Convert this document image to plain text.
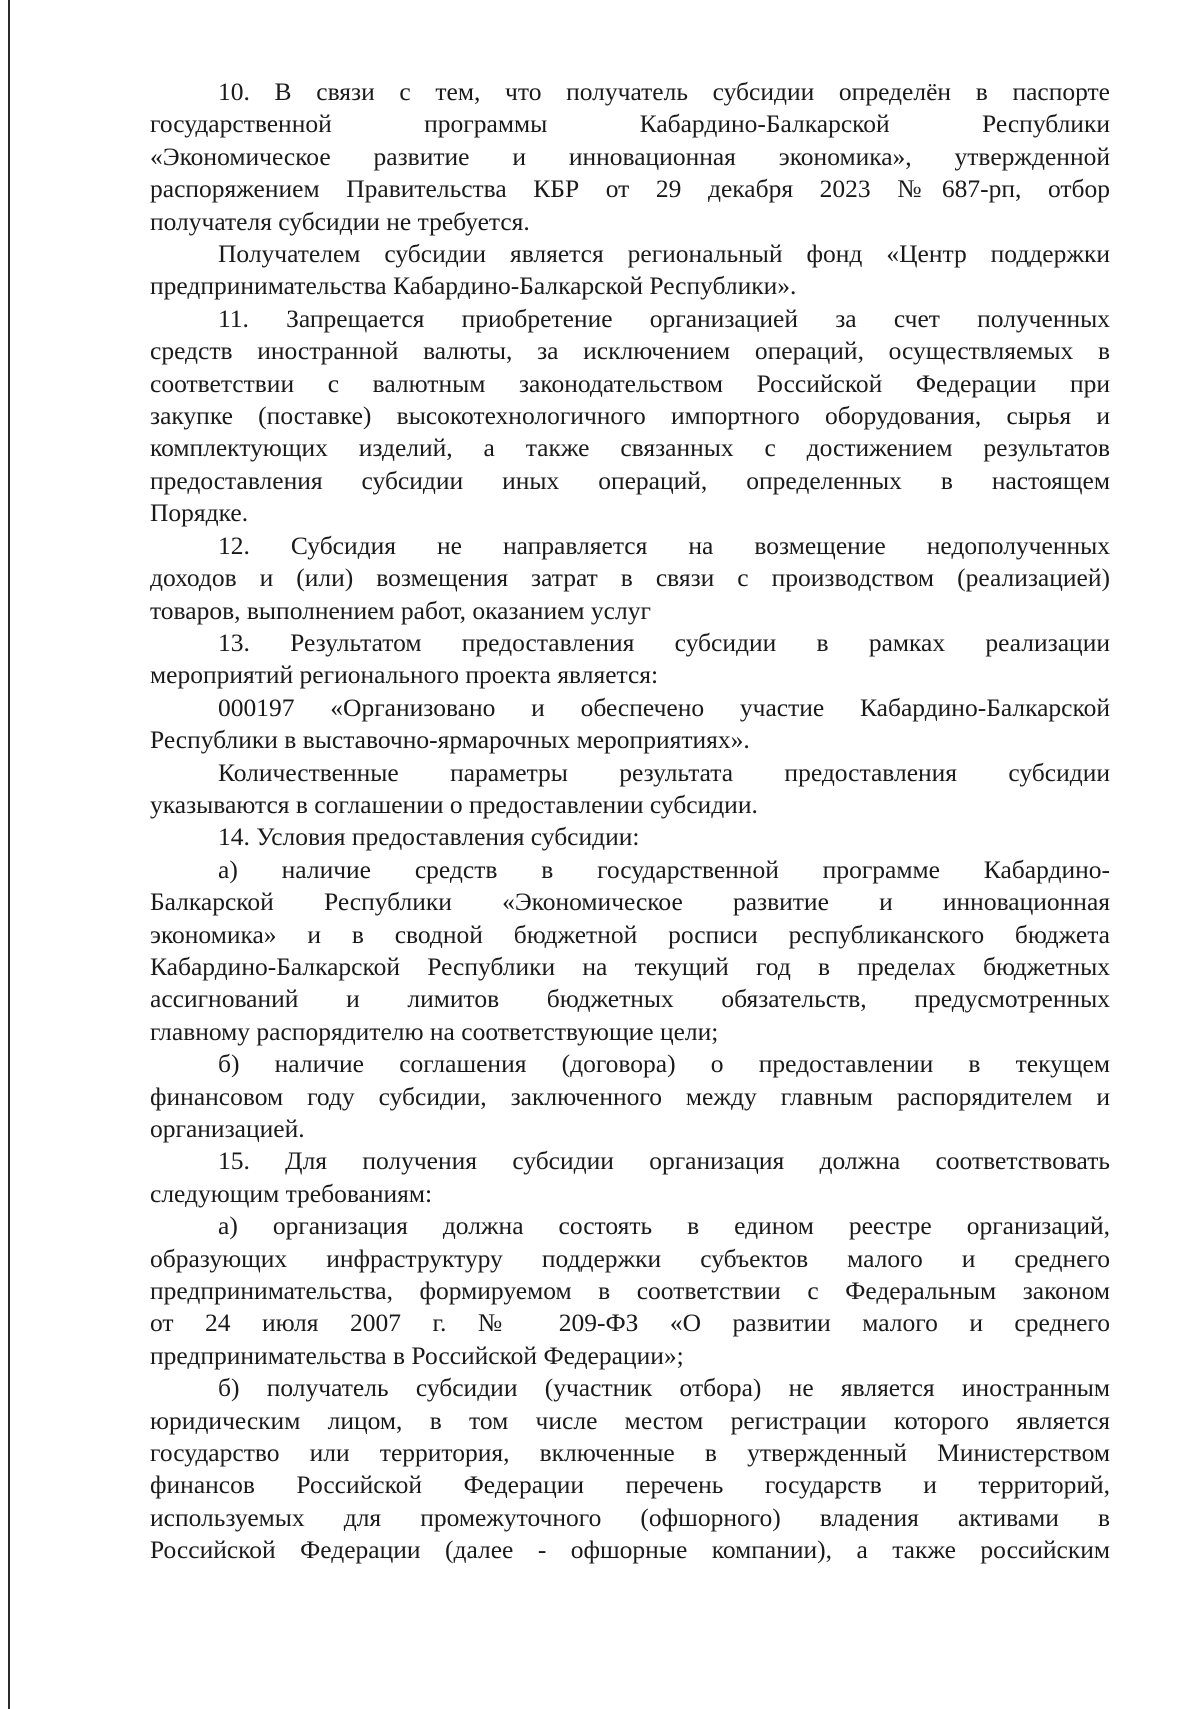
10. В связи с тем, что получатель субсидии определён в паспорте
государственной программы Кабардино-Балкарской Республики
«Экономическое развитие и инновационная экономика», утвержденной
распоряжением Правительства КБР от 29 декабря 2023 №687-рп, отбор
получателя субсидии не требуется.
Получателем субсидии является региональный фонд «Центр поддержки
предпринимательства Кабардино-Балкарской Республики».
11. Запрещается приобретение организацией за счет полученных
средств иностранной валюты, за исключением операций, осуществляемых в
соответствии с валютным законодательством Российской Федерации при
закупке (поставке) высокотехнологичного импортного оборудования, сырья и
комплектующих изделий, а также связанных с достижением результатов
предоставления субсидии иных операций, определенных в настоящем
Порядке.
12. Субсидия не направляется на возмещение недополученных
доходов и (или) возмещения затрат в связи с производством (реализацией)
товаров, выполнением работ, оказанием услуг
13. Результатом предоставления субсидии в рамках реализации
мероприятий регионального проекта является:
000197 «Организовано и обеспечено участие Кабардино-Балкарской
Республики в выставочно-ярмарочных мероприятиях».
Количественные параметры результата предоставления субсидии
указываются в соглашении о предоставлении субсидии.
14. Условия предоставления субсидии:
а) наличие средств в государственной программе Кабардино-
Балкарской Республики «Экономическое развитие и инновационная
экономика» и в сводной бюджетной росписи республиканского бюджета
Кабардино-Балкарской Республики на текущий год в пределах бюджетных
ассигнований и лимитов бюджетных обязательств, предусмотренных
главному распорядителю на соответствующие цели;
б) наличие соглашения (договора) о предоставлении в текущем
финансовом году субсидии, заключенного между главным распорядителем и
организацией.
15. Для получения субсидии организация должна соответствовать
следующим требованиям:
а) организация должна состоять в едином реестре организаций,
образующих инфраструктуру поддержки субъектов малого и среднего
предпринимательства, формируемом в соответствии с Федеральным законом
от 24 июля 2007 г. № 209-ФЗ «О развитии малого и среднего
предпринимательства в Российской Федерации»;
б) получатель субсидии (участник отбора) не является иностранным
юридическим лицом, в том числе местом регистрации которого является
государство или территория, включенные в утвержденный Министерством
финансов Российской Федерации перечень государств и территорий,
используемых для промежуточного (офшорного) владения активами в
Российской Федерации (далее - офшорные компании), а также российским
